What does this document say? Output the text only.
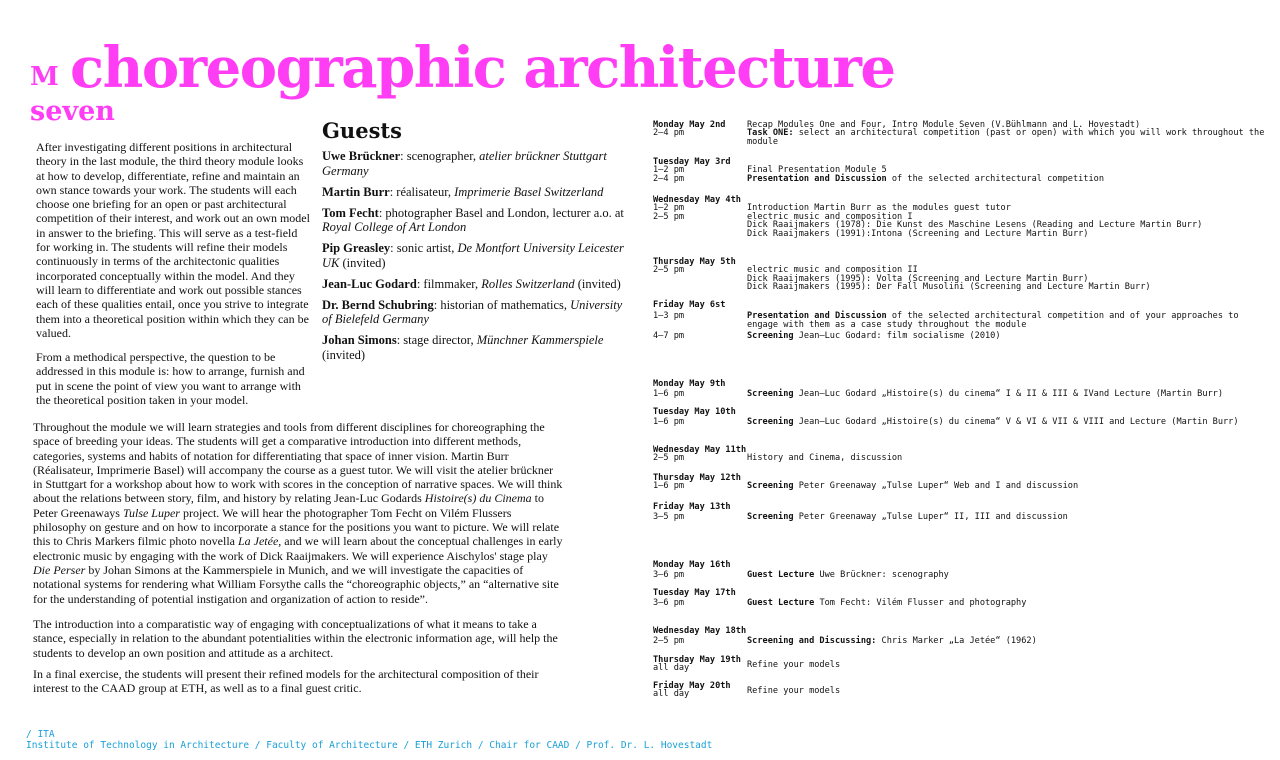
M choreographic architecture
seven

After investigating different positions in architectural theory in the last module, the third theory module looks at how to develop, differentiate, refine and maintain an own stance towards your work. The students will each choose one briefing for an open or past architectural competition of their interest, and work out an own model in answer to the briefing. This will serve as a test-field for working in. The students will refine their models continuously in terms of the architectonic qualities incorporated conceptually within the model. And they will learn to differentiate and work out possible stances each of these qualities entail, once you strive to integrate them into a theoretical position within which they can be valued.

From a methodical perspective, the question to be addressed in this module is: how to arrange, furnish and put in scene the point of view you want to arrange with the theoretical position taken in your model.

Throughout the module we will learn strategies and tools from different disciplines for choreographing the space of breeding your ideas. The students will get a comparative introduction into different methods, categories, systems and habits of notation for differentiating that space of inner vision. Martin Burr (Réalisateur, Imprimerie Basel) will accompany the course as a guest tutor. We will visit the atelier brückner in Stuttgart for a workshop about how to work with scores in the conception of narrative spaces. We will think about the relations between story, film, and history by relating Jean-Luc Godards Histoire(s) du Cinema to Peter Greenaways Tulse Luper project. We will hear the photographer Tom Fecht on Vilém Flussers philosophy on gesture and on how to incorporate a stance for the positions you want to picture. We will relate this to Chris Markers filmic photo novella La Jetée, and we will learn about the conceptual challenges in early electronic music by engaging with the work of Dick Raaijmakers. We will experience Aischylos' stage play Die Perser by Johan Simons at the Kammerspiele in Munich, and we will investigate the capacities of notational systems for rendering what William Forsythe calls the “choreographic objects,” an “alternative site for the understanding of potential instigation and organization of action to reside”.

The introduction into a comparatistic way of engaging with conceptualizations of what it means to take a stance, especially in relation to the abundant potentialities within the electronic information age, will help the students to develop an own position and attitude as a architect.

In a final exercise, the students will present their refined models for the architectural composition of their interest to the CAAD group at ETH, as well as to a final guest critic.

Guests

Uwe Brückner: scenographer, atelier brückner Stuttgart Germany

Martin Burr: réalisateur, Imprimerie Basel Switzerland

Tom Fecht: photographer Basel and London, lecturer a.o. at Royal College of Art London

Pip Greasley: sonic artist, De Montfort University Leicester UK (invited)

Jean-Luc Godard: filmmaker, Rolles Switzerland (invited)

Dr. Bernd Schubring: historian of mathematics, University of Bielefeld Germany

Johan Simons: stage director, Münchner Kammerspiele (invited)

Monday May 2nd	Recap Modules One and Four, Intro Module Seven (V.Bühlmann and L. Hovestadt)
2–4 pm	Task ONE: select an architectural competition (past or open) with which you will work throughout the module
Tuesday May 3rd
1–2 pm	Final Presentation Module 5
2–4 pm	Presentation and Discussion of the selected architectural competition
Wednesday May 4th
1–2 pm	Introduction Martin Burr as the modules guest tutor
2–5 pm	electric music and composition I
Dick Raaijmakers (1978): Die Kunst des Maschine Lesens (Reading and Lecture Martin Burr)
Dick Raaijmakers (1991):Intona (Screening and Lecture Martin Burr)
Thursday May 5th
2–5 pm	electric music and composition II
Dick Raaijmakers (1995): Volta (Screening and Lecture Martin Burr)
Dick Raaijmakers (1995): Der Fall Musolini (Screening and Lecture Martin Burr)
Friday May 6st
1–3 pm	Presentation and Discussion of the selected architectural competition and of your approaches to engage with them as a case study throughout the module
4–7 pm	Screening Jean–Luc Godard: film socialisme (2010)
Monday May 9th
1–6 pm	Screening Jean–Luc Godard „Histoire(s) du cinema“ I & II & III & IVand Lecture (Martin Burr)
Tuesday May 10th
1–6 pm	Screening Jean–Luc Godard „Histoire(s) du cinema“ V & VI & VII & VIII and Lecture (Martin Burr)
Wednesday May 11th
2–5 pm	History and Cinema, discussion
Thursday May 12th
1–6 pm	Screening Peter Greenaway „Tulse Luper“ Web and I and discussion
Friday May 13th
3–5 pm	Screening Peter Greenaway „Tulse Luper“ II, III and discussion
Monday May 16th
3–6 pm	Guest Lecture Uwe Brückner: scenography
Tuesday May 17th
3–6 pm	Guest Lecture Tom Fecht: Vilém Flusser and photography
Wednesday May 18th
2–5 pm	Screening and Discussing: Chris Marker „La Jetée“ (1962)
Thursday May 19th
all day	Refine your models
Friday May 20th
all day	Refine your models
/ ITA
Institute of Technology in Architecture / Faculty of Architecture / ETH Zurich / Chair for CAAD / Prof. Dr. L. Hovestadt
